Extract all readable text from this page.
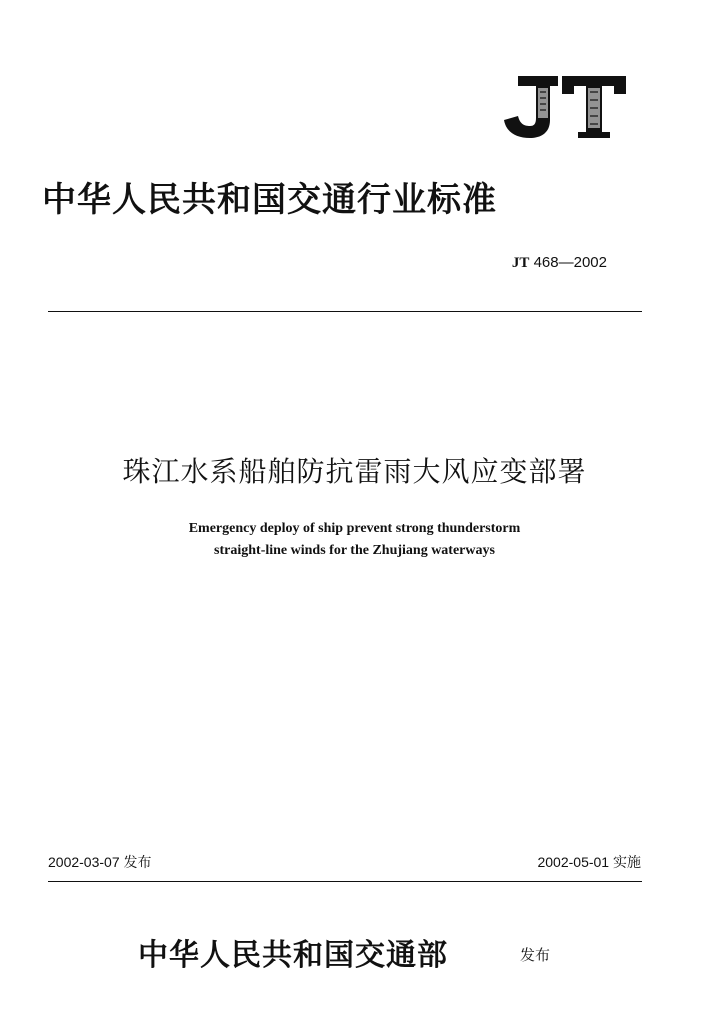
中华人民共和国交通行业标准
JT 468—2002
珠江水系船舶防抗雷雨大风应变部署
Emergency deploy of ship prevent strong thunderstorm
straight-line winds for the Zhujiang waterways
2002-03-07 发布	2002-05-01 实施
中华人民共和国交通部	发布
